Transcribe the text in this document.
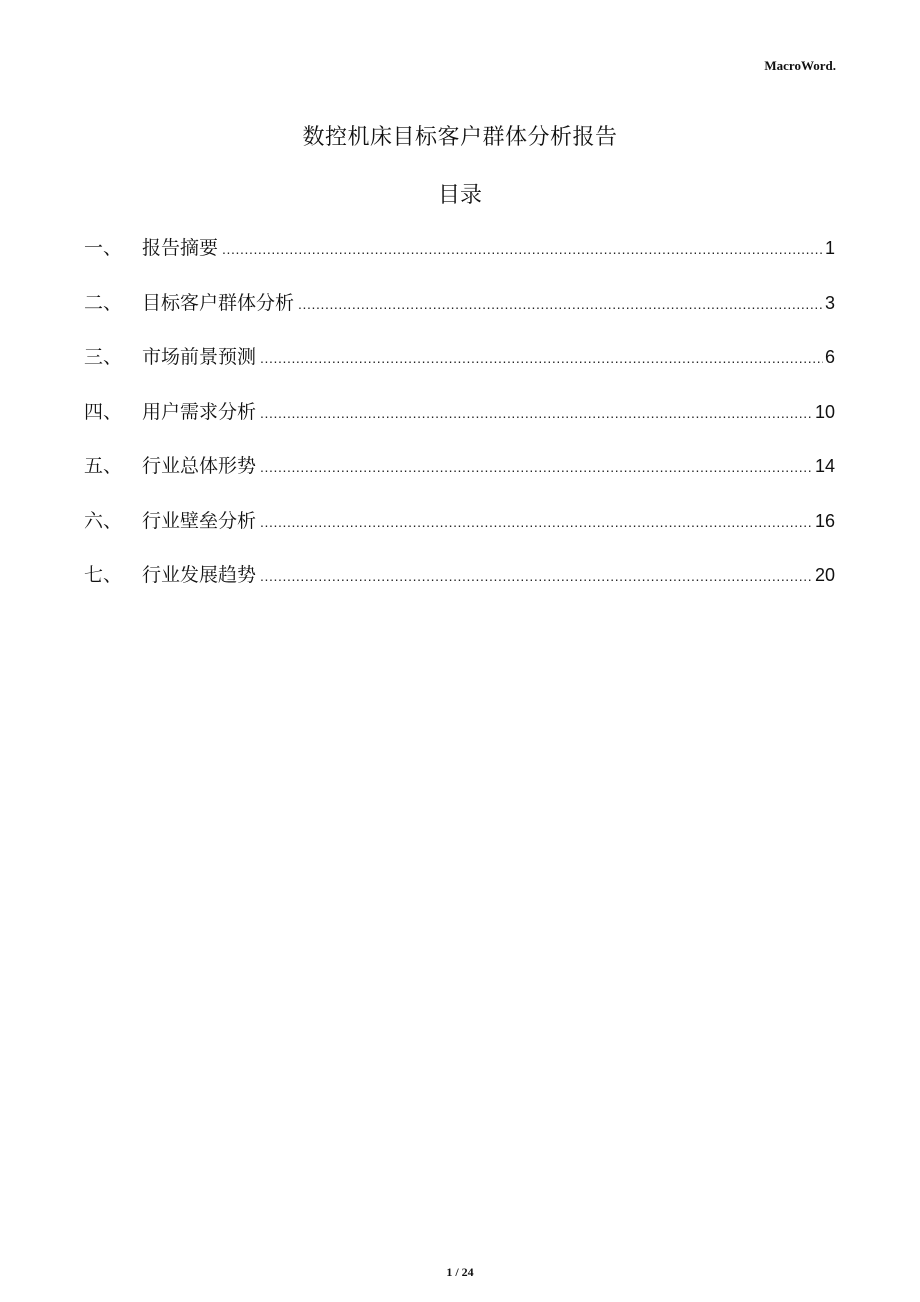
MacroWord.
数控机床目标客户群体分析报告
目录
一、	报告摘要 .....	1
二、	目标客户群体分析 .....	3
三、	市场前景预测 .....	6
四、	用户需求分析 .....	10
五、	行业总体形势 .....	14
六、	行业壁垒分析 .....	16
七、	行业发展趋势 .....	20
1 / 24
